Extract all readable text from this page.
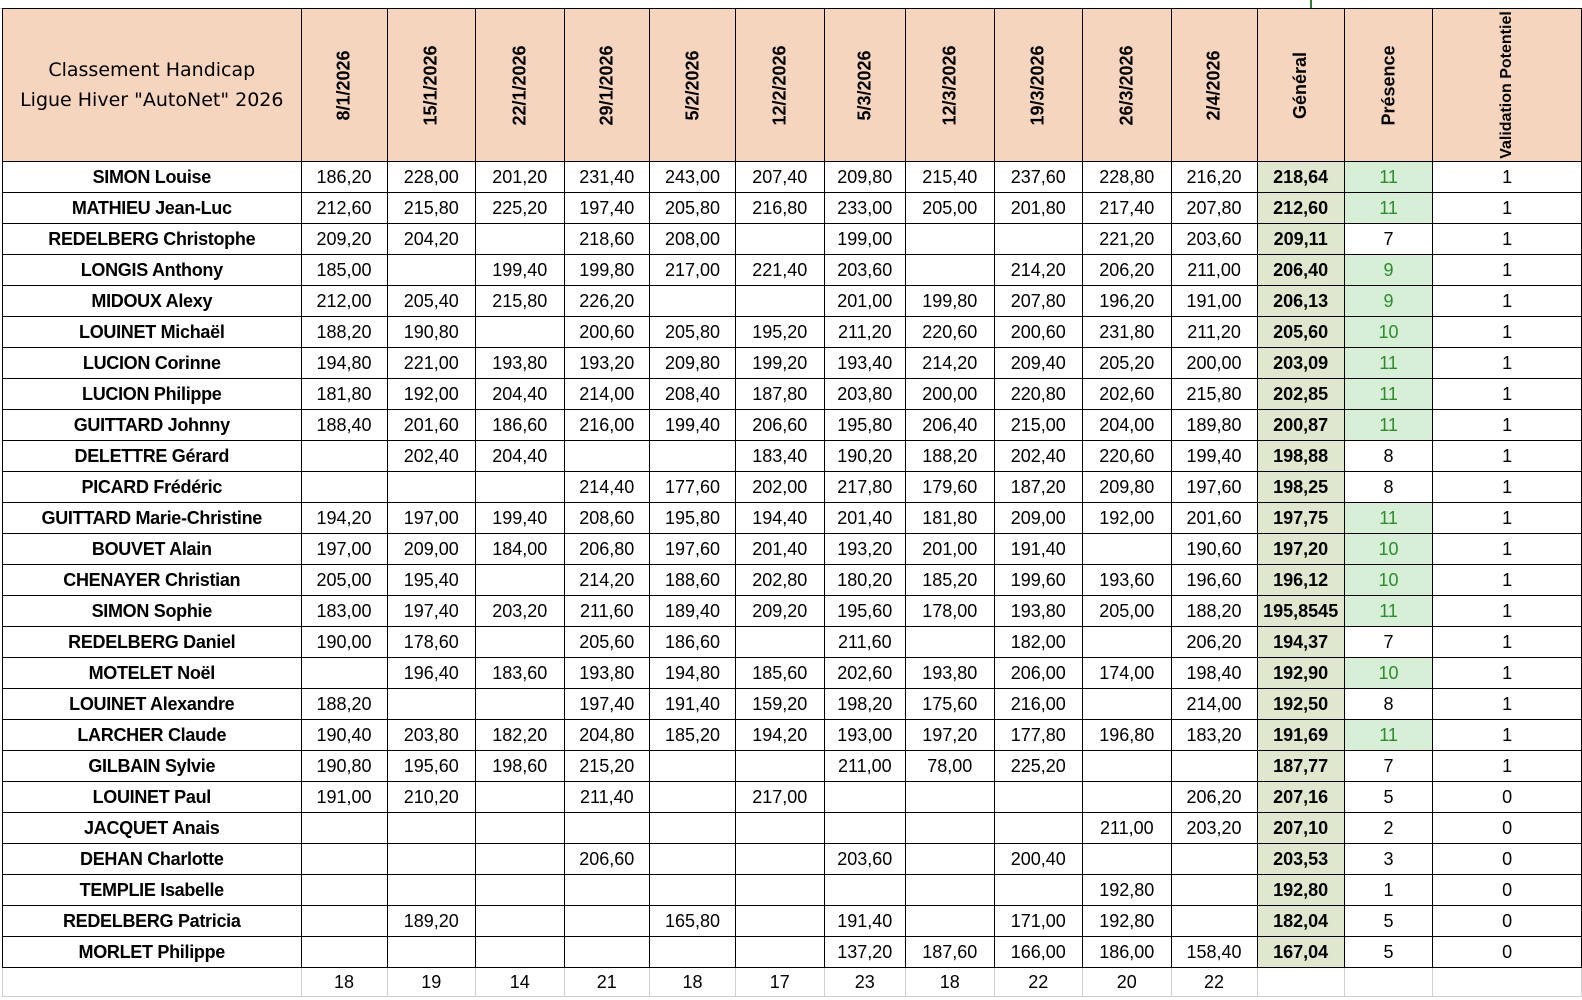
Classement Handicap
Ligue Hiver "AutoNet" 2026	8/1/2026	15/1/2026	22/1/2026	29/1/2026	5/2/2026	12/2/2026	5/3/2026	12/3/2026	19/3/2026	26/3/2026	2/4/2026	Général	Présence	Validation Potentiel
SIMON Louise	186,20	228,00	201,20	231,40	243,00	207,40	209,80	215,40	237,60	228,80	216,20	218,64	11	1
MATHIEU Jean-Luc	212,60	215,80	225,20	197,40	205,80	216,80	233,00	205,00	201,80	217,40	207,80	212,60	11	1
REDELBERG Christophe	209,20	204,20		218,60	208,00		199,00			221,20	203,60	209,11	7	1
LONGIS Anthony	185,00		199,40	199,80	217,00	221,40	203,60		214,20	206,20	211,00	206,40	9	1
MIDOUX Alexy	212,00	205,40	215,80	226,20			201,00	199,80	207,80	196,20	191,00	206,13	9	1
LOUINET Michaël	188,20	190,80		200,60	205,80	195,20	211,20	220,60	200,60	231,80	211,20	205,60	10	1
LUCION Corinne	194,80	221,00	193,80	193,20	209,80	199,20	193,40	214,20	209,40	205,20	200,00	203,09	11	1
LUCION Philippe	181,80	192,00	204,40	214,00	208,40	187,80	203,80	200,00	220,80	202,60	215,80	202,85	11	1
GUITTARD Johnny	188,40	201,60	186,60	216,00	199,40	206,60	195,80	206,40	215,00	204,00	189,80	200,87	11	1
DELETTRE Gérard		202,40	204,40			183,40	190,20	188,20	202,40	220,60	199,40	198,88	8	1
PICARD Frédéric				214,40	177,60	202,00	217,80	179,60	187,20	209,80	197,60	198,25	8	1
GUITTARD Marie-Christine	194,20	197,00	199,40	208,60	195,80	194,40	201,40	181,80	209,00	192,00	201,60	197,75	11	1
BOUVET Alain	197,00	209,00	184,00	206,80	197,60	201,40	193,20	201,00	191,40		190,60	197,20	10	1
CHENAYER Christian	205,00	195,40		214,20	188,60	202,80	180,20	185,20	199,60	193,60	196,60	196,12	10	1
SIMON Sophie	183,00	197,40	203,20	211,60	189,40	209,20	195,60	178,00	193,80	205,00	188,20	195,8545	11	1
REDELBERG Daniel	190,00	178,60		205,60	186,60		211,60		182,00		206,20	194,37	7	1
MOTELET Noël		196,40	183,60	193,80	194,80	185,60	202,60	193,80	206,00	174,00	198,40	192,90	10	1
LOUINET Alexandre	188,20			197,40	191,40	159,20	198,20	175,60	216,00		214,00	192,50	8	1
LARCHER Claude	190,40	203,80	182,20	204,80	185,20	194,20	193,00	197,20	177,80	196,80	183,20	191,69	11	1
GILBAIN Sylvie	190,80	195,60	198,60	215,20			211,00	78,00	225,20			187,77	7	1
LOUINET Paul	191,00	210,20		211,40		217,00					206,20	207,16	5	0
JACQUET Anais										211,00	203,20	207,10	2	0
DEHAN Charlotte				206,60			203,60		200,40			203,53	3	0
TEMPLIE Isabelle										192,80		192,80	1	0
REDELBERG Patricia		189,20			165,80		191,40		171,00	192,80		182,04	5	0
MORLET Philippe							137,20	187,60	166,00	186,00	158,40	167,04	5	0
	18	19	14	21	18	17	23	18	22	20	22			
